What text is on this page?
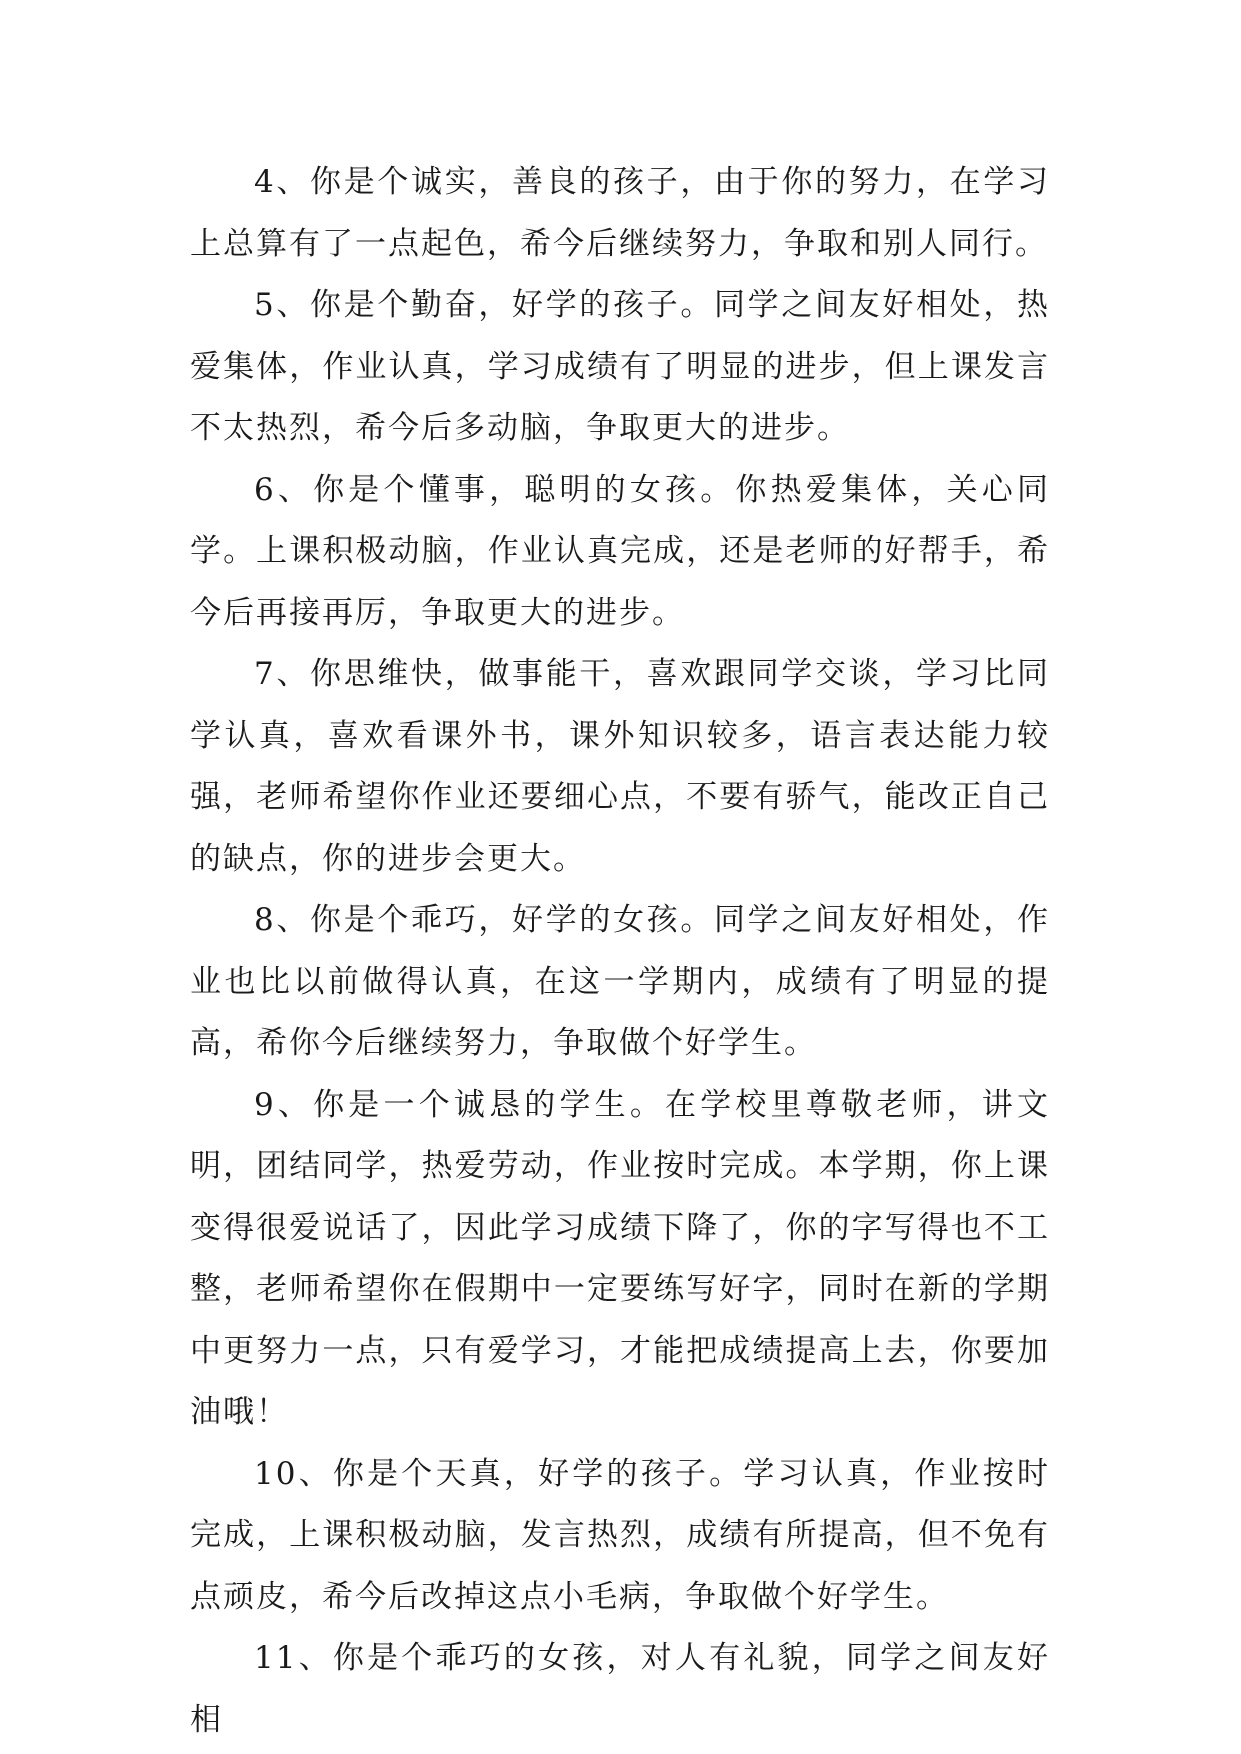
4、你是个诚实，善良的孩子，由于你的努力，在学习上总算有了一点起色，希今后继续努力，争取和别人同行。

5、你是个勤奋，好学的孩子。同学之间友好相处，热爱集体，作业认真，学习成绩有了明显的进步，但上课发言不太热烈，希今后多动脑，争取更大的进步。

6、你是个懂事，聪明的女孩。你热爱集体，关心同学。上课积极动脑，作业认真完成，还是老师的好帮手，希今后再接再厉，争取更大的进步。

7、你思维快，做事能干，喜欢跟同学交谈，学习比同学认真，喜欢看课外书，课外知识较多，语言表达能力较强，老师希望你作业还要细心点，不要有骄气，能改正自己的缺点，你的进步会更大。

8、你是个乖巧，好学的女孩。同学之间友好相处，作业也比以前做得认真，在这一学期内，成绩有了明显的提高，希你今后继续努力，争取做个好学生。

9、你是一个诚恳的学生。在学校里尊敬老师，讲文明，团结同学，热爱劳动，作业按时完成。本学期，你上课变得很爱说话了，因此学习成绩下降了，你的字写得也不工整，老师希望你在假期中一定要练写好字，同时在新的学期中更努力一点，只有爱学习，才能把成绩提高上去，你要加油哦！

10、你是个天真，好学的孩子。学习认真，作业按时完成，上课积极动脑，发言热烈，成绩有所提高，但不免有点顽皮，希今后改掉这点小毛病，争取做个好学生。

11、你是个乖巧的女孩，对人有礼貌，同学之间友好相
